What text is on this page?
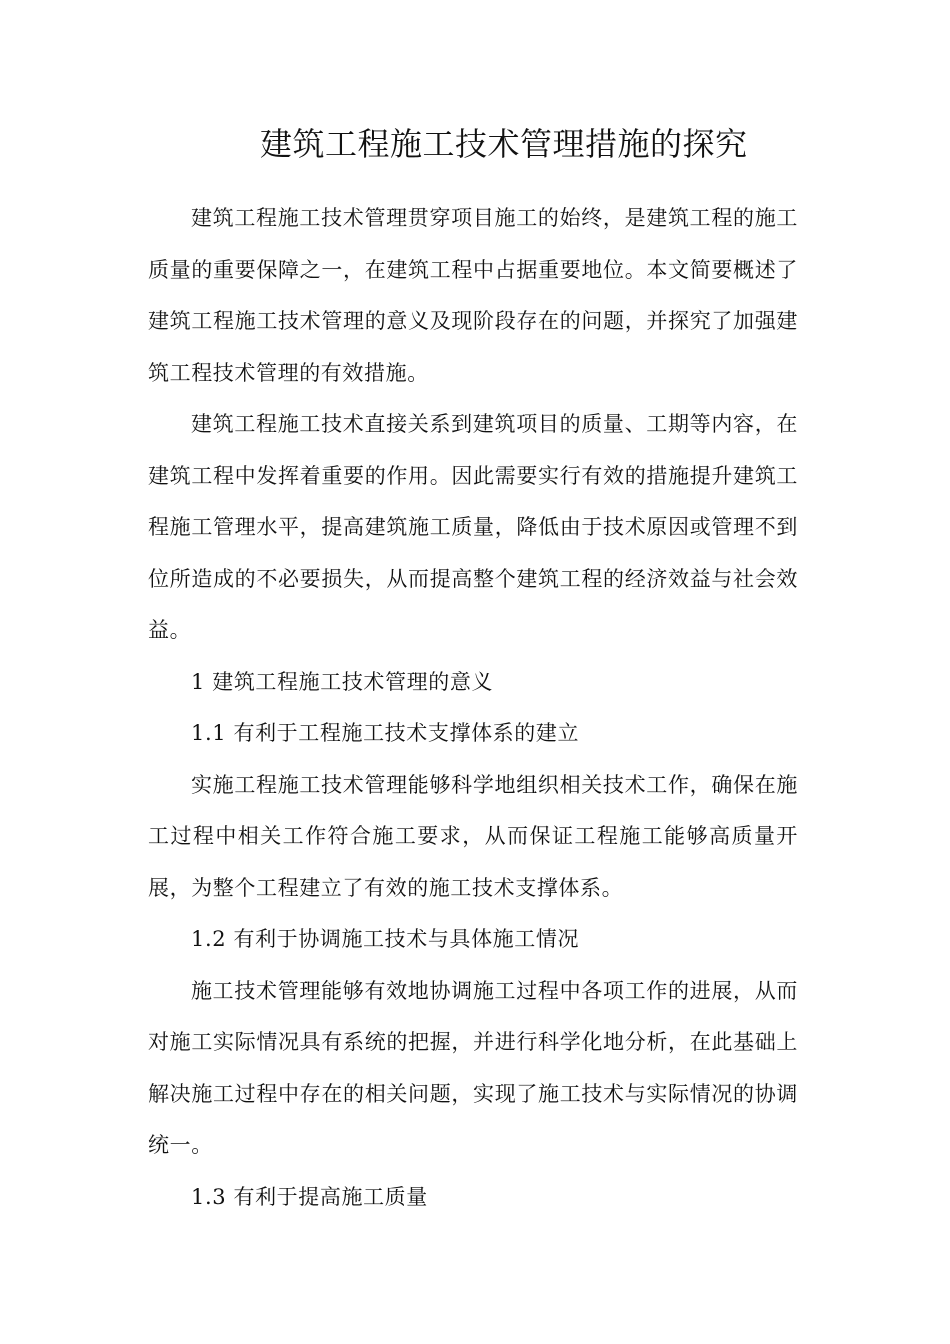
建筑工程施工技术管理措施的探究

建筑工程施工技术管理贯穿项目施工的始终，是建筑工程的施工质量的重要保障之一，在建筑工程中占据重要地位。本文简要概述了建筑工程施工技术管理的意义及现阶段存在的问题，并探究了加强建筑工程技术管理的有效措施。

建筑工程施工技术直接关系到建筑项目的质量、工期等内容，在建筑工程中发挥着重要的作用。因此需要实行有效的措施提升建筑工程施工管理水平，提高建筑施工质量，降低由于技术原因或管理不到位所造成的不必要损失，从而提高整个建筑工程的经济效益与社会效益。

1 建筑工程施工技术管理的意义

1.1 有利于工程施工技术支撑体系的建立

实施工程施工技术管理能够科学地组织相关技术工作，确保在施工过程中相关工作符合施工要求，从而保证工程施工能够高质量开展，为整个工程建立了有效的施工技术支撑体系。

1.2 有利于协调施工技术与具体施工情况

施工技术管理能够有效地协调施工过程中各项工作的进展，从而对施工实际情况具有系统的把握，并进行科学化地分析，在此基础上解决施工过程中存在的相关问题，实现了施工技术与实际情况的协调统一。

1.3 有利于提高施工质量
